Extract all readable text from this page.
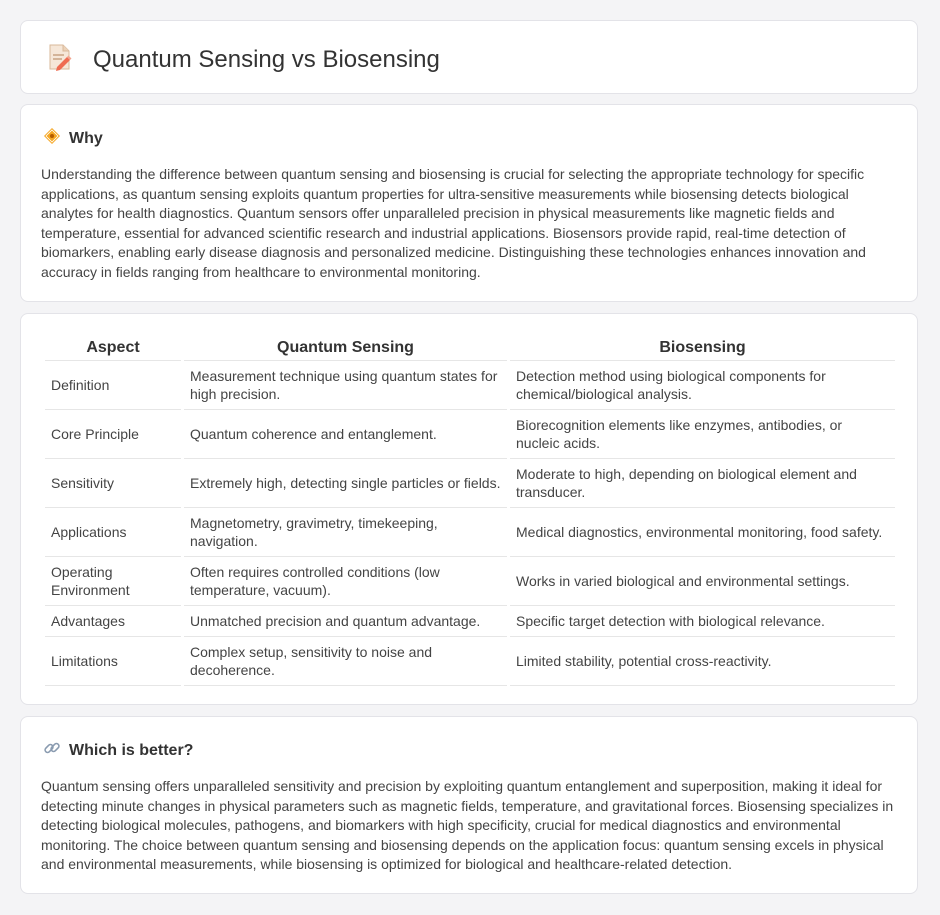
Quantum Sensing vs Biosensing
Why

Understanding the difference between quantum sensing and biosensing is crucial for selecting the appropriate technology for specific applications, as quantum sensing exploits quantum properties for ultra-sensitive measurements while biosensing detects biological analytes for health diagnostics. Quantum sensors offer unparalleled precision in physical measurements like magnetic fields and temperature, essential for advanced scientific research and industrial applications. Biosensors provide rapid, real-time detection of biomarkers, enabling early disease diagnosis and personalized medicine. Distinguishing these technologies enhances innovation and accuracy in fields ranging from healthcare to environmental monitoring.

Aspect	Quantum Sensing	Biosensing
Definition	Measurement technique using quantum states for high precision.	Detection method using biological components for chemical/biological analysis.
Core Principle	Quantum coherence and entanglement.	Biorecognition elements like enzymes, antibodies, or nucleic acids.
Sensitivity	Extremely high, detecting single particles or fields.	Moderate to high, depending on biological element and transducer.
Applications	Magnetometry, gravimetry, timekeeping, navigation.	Medical diagnostics, environmental monitoring, food safety.
Operating Environment	Often requires controlled conditions (low temperature, vacuum).	Works in varied biological and environmental settings.
Advantages	Unmatched precision and quantum advantage.	Specific target detection with biological relevance.
Limitations	Complex setup, sensitivity to noise and decoherence.	Limited stability, potential cross-reactivity.
Which is better?

Quantum sensing offers unparalleled sensitivity and precision by exploiting quantum entanglement and superposition, making it ideal for detecting minute changes in physical parameters such as magnetic fields, temperature, and gravitational forces. Biosensing specializes in detecting biological molecules, pathogens, and biomarkers with high specificity, crucial for medical diagnostics and environmental monitoring. The choice between quantum sensing and biosensing depends on the application focus: quantum sensing excels in physical and environmental measurements, while biosensing is optimized for biological and healthcare-related detection.
